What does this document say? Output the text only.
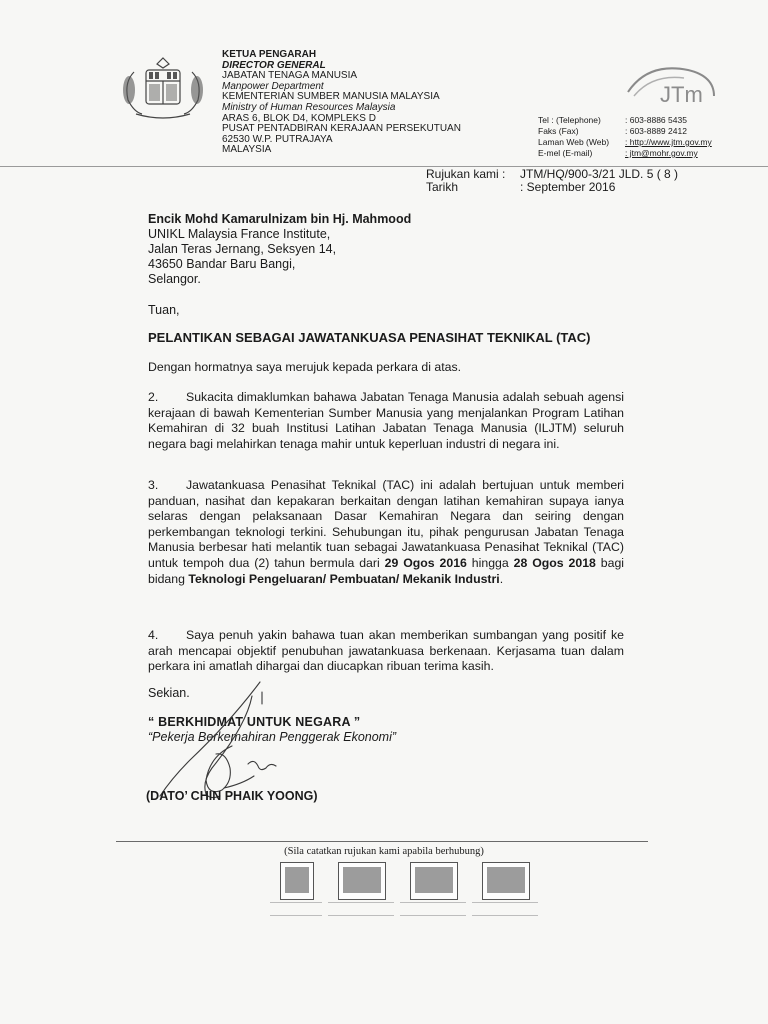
KETUA PENGARAH
DIRECTOR GENERAL
JABATAN TENAGA MANUSIA
Manpower Department
KEMENTERIAN SUMBER MANUSIA MALAYSIA
Ministry of Human Resources Malaysia
ARAS 6, BLOK D4, KOMPLEKS D
PUSAT PENTADBIRAN KERAJAAN PERSEKUTUAN
62530 W.P. PUTRAJAYA
MALAYSIA
JTm
Tel : (Telephone)	: 603-8886 5435
Faks (Fax)	: 603-8889 2412
Laman Web (Web)	: http://www.jtm.gov.my
E-mel (E-mail)	: jtm@mohr.gov.my
Rujukan kami :	JTM/HQ/900-3/21 JLD. 5 ( 8 )
Tarikh	: September 2016
Encik Mohd Kamarulnizam bin Hj. Mahmood
UNIKL Malaysia France Institute,
Jalan Teras Jernang, Seksyen 14,
43650 Bandar Baru Bangi,
Selangor.
Tuan,
PELANTIKAN SEBAGAI JAWATANKUASA PENASIHAT TEKNIKAL (TAC)
Dengan hormatnya saya merujuk kepada perkara di atas.
2. Sukacita dimaklumkan bahawa Jabatan Tenaga Manusia adalah sebuah agensi kerajaan di bawah Kementerian Sumber Manusia yang menjalankan Program Latihan Kemahiran di 32 buah Institusi Latihan Jabatan Tenaga Manusia (ILJTM) seluruh negara bagi melahirkan tenaga mahir untuk keperluan industri di negara ini.
3. Jawatankuasa Penasihat Teknikal (TAC) ini adalah bertujuan untuk memberi panduan, nasihat dan kepakaran berkaitan dengan latihan kemahiran supaya ianya selaras dengan pelaksanaan Dasar Kemahiran Negara dan seiring dengan perkembangan teknologi terkini. Sehubungan itu, pihak pengurusan Jabatan Tenaga Manusia berbesar hati melantik tuan sebagai Jawatankuasa Penasihat Teknikal (TAC) untuk tempoh dua (2) tahun bermula dari 29 Ogos 2016 hingga 28 Ogos 2018 bagi bidang Teknologi Pengeluaran/ Pembuatan/ Mekanik Industri.
4. Saya penuh yakin bahawa tuan akan memberikan sumbangan yang positif ke arah mencapai objektif penubuhan jawatankuasa berkenaan. Kerjasama tuan dalam perkara ini amatlah dihargai dan diucapkan ribuan terima kasih.
Sekian.
“ BERKHIDMAT UNTUK NEGARA ”
“Pekerja Berkemahiran Penggerak Ekonomi”
(DATO’ CHIN PHAIK YOONG)
(Sila catatkan rujukan kami apabila berhubung)
